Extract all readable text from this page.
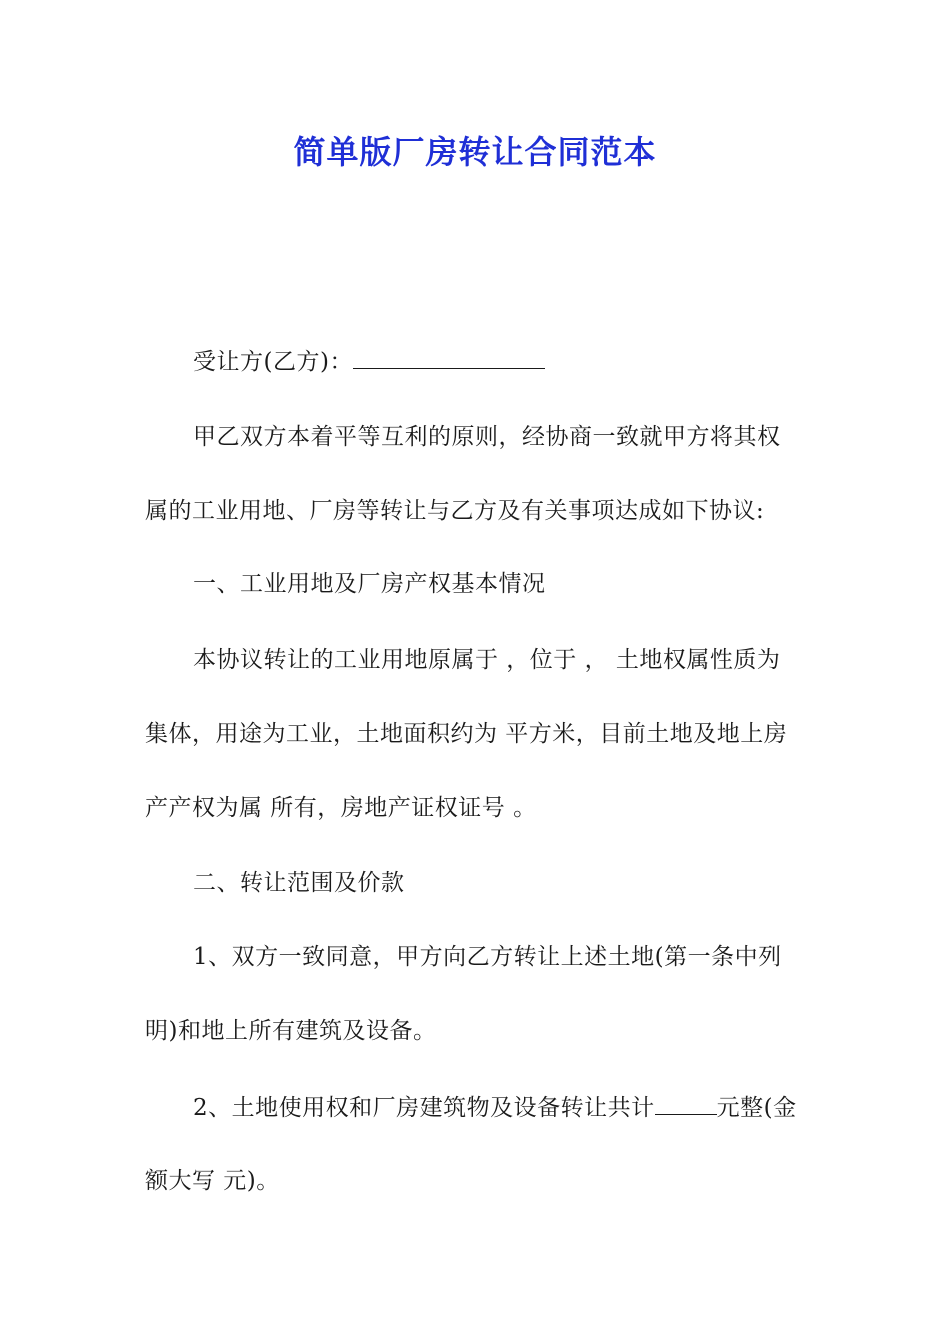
简单版厂房转让合同范本
受让方(乙方)：
甲乙双方本着平等互利的原则，经协商一致就甲方将其权
属的工业用地、厂房等转让与乙方及有关事项达成如下协议:
一、工业用地及厂房产权基本情况
本协议转让的工业用地原属于 ，位于 ， 土地权属性质为
集体，用途为工业，土地面积约为 平方米，目前土地及地上房
产产权为属 所有，房地产证权证号 。
二、转让范围及价款
1、双方一致同意，甲方向乙方转让上述土地(第一条中列
明)和地上所有建筑及设备。
2、土地使用权和厂房建筑物及设备转让共计	元整(金
额大写 元)。
